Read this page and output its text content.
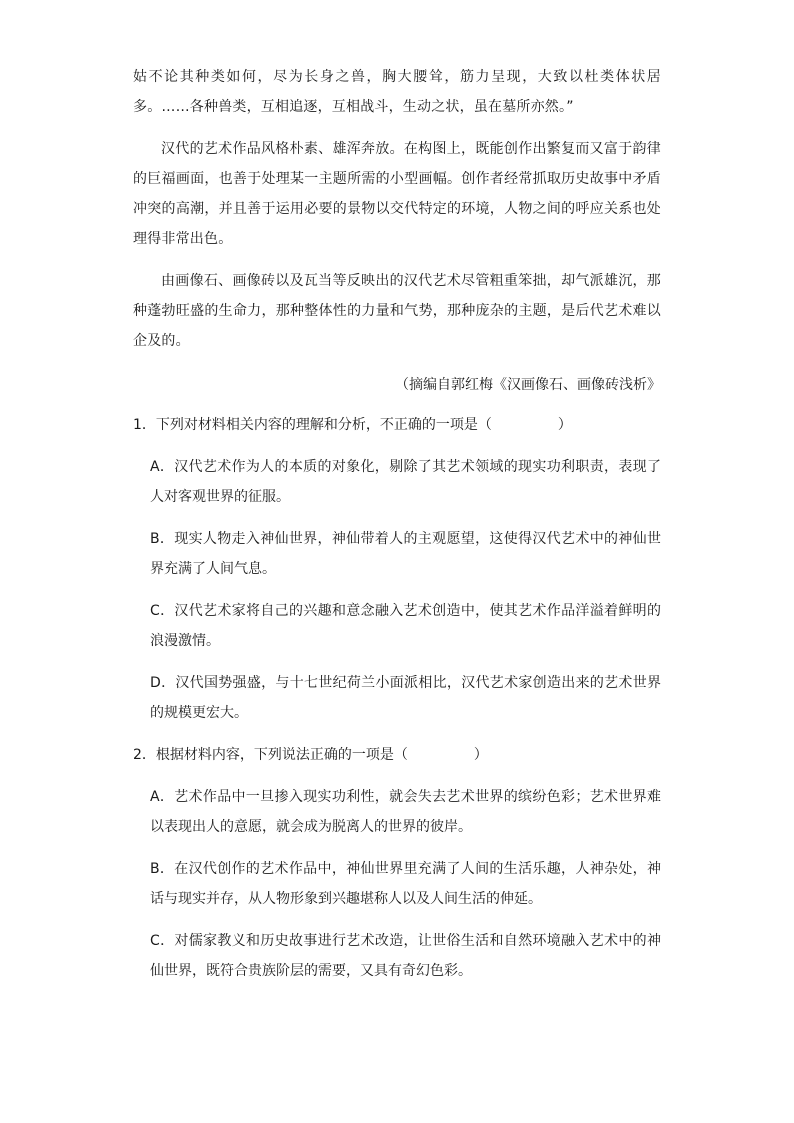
姑不论其种类如何，尽为长身之兽，胸大腰耸，筋力呈现，大致以杜类体状居多。……各种兽类，互相追逐，互相战斗，生动之状，虽在墓所亦然。”

汉代的艺术作品风格朴素、雄浑奔放。在构图上，既能创作出繁复而又富于韵律的巨福画面，也善于处理某一主题所需的小型画幅。创作者经常抓取历史故事中矛盾冲突的高潮，并且善于运用必要的景物以交代特定的环境，人物之间的呼应关系也处理得非常出色。

由画像石、画像砖以及瓦当等反映出的汉代艺术尽管粗重笨拙，却气派雄沉，那种蓬勃旺盛的生命力，那种整体性的力量和气势，那种庞杂的主题，是后代艺术难以企及的。

（摘编自郭红梅《汉画像石、画像砖浅析》
1．下列对材料相关内容的理解和分析，不正确的一项是（	）
A．汉代艺术作为人的本质的对象化，剔除了其艺术领域的现实功利职责，表现了人对客观世界的征服。
B．现实人物走入神仙世界，神仙带着人的主观愿望，这使得汉代艺术中的神仙世界充满了人间气息。
C．汉代艺术家将自己的兴趣和意念融入艺术创造中，使其艺术作品洋溢着鲜明的浪漫激情。
D．汉代国势强盛，与十七世纪荷兰小面派相比，汉代艺术家创造出来的艺术世界的规模更宏大。
2．根据材料内容，下列说法正确的一项是（	）
A．艺术作品中一旦掺入现实功利性，就会失去艺术世界的缤纷色彩；艺术世界难以表现出人的意愿，就会成为脱离人的世界的彼岸。
B．在汉代创作的艺术作品中，神仙世界里充满了人间的生活乐趣，人神杂处，神话与现实并存，从人物形象到兴趣堪称人以及人间生活的伸延。
C．对儒家教义和历史故事进行艺术改造，让世俗生活和自然环境融入艺术中的神仙世界，既符合贵族阶层的需要，又具有奇幻色彩。
